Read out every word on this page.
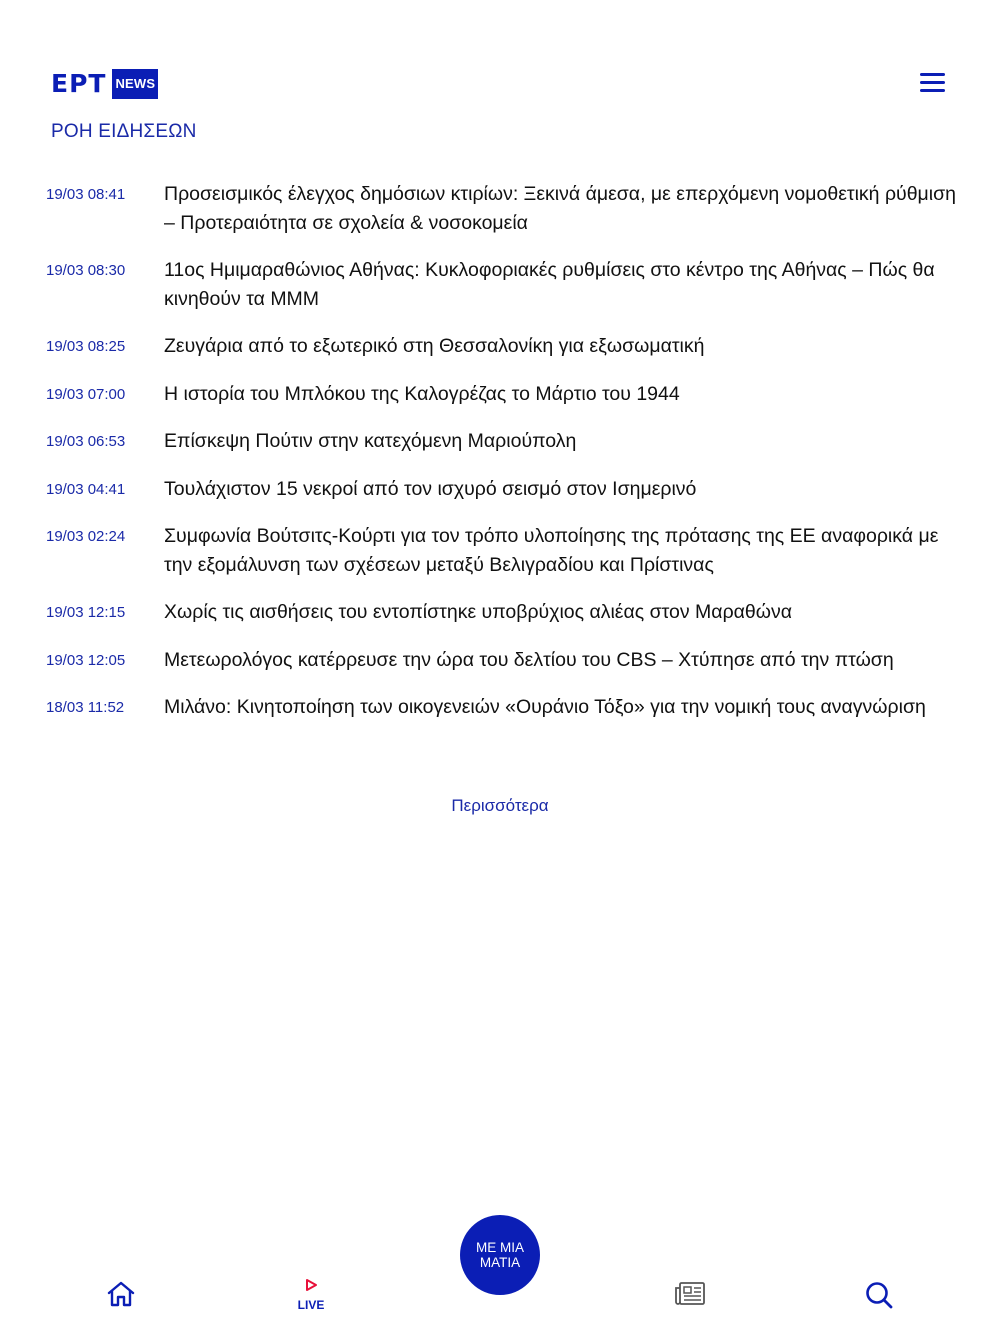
ΕΡΤ NEWS
ΡΟΗ ΕΙΔΗΣΕΩΝ
19/03 08:41 Προσεισμικός έλεγχος δημόσιων κτιρίων: Ξεκινά άμεσα, με επερχόμενη νομοθετική ρύθμιση – Προτεραιότητα σε σχολεία & νοσοκομεία
19/03 08:30 11ος Ημιμαραθώνιος Αθήνας: Κυκλοφοριακές ρυθμίσεις στο κέντρο της Αθήνας – Πώς θα κινηθούν τα ΜΜΜ
19/03 08:25 Ζευγάρια από το εξωτερικό στη Θεσσαλονίκη για εξωσωματική
19/03 07:00 Η ιστορία του Μπλόκου της Καλογρέζας το Μάρτιο του 1944
19/03 06:53 Επίσκεψη Πούτιν στην κατεχόμενη Μαριούπολη
19/03 04:41 Τουλάχιστον 15 νεκροί από τον ισχυρό σεισμό στον Ισημερινό
19/03 02:24 Συμφωνία Βούτσιτς-Κούρτι για τον τρόπο υλοποίησης της πρότασης της ΕΕ αναφορικά με την εξομάλυνση των σχέσεων μεταξύ Βελιγραδίου και Πρίστινας
19/03 12:15 Χωρίς τις αισθήσεις του εντοπίστηκε υποβρύχιος αλιέας στον Μαραθώνα
19/03 12:05 Μετεωρολόγος κατέρρευσε την ώρα του δελτίου του CBS – Χτύπησε από την πτώση
18/03 11:52 Μιλάνο: Κινητοποίηση των οικογενειών «Ουράνιο Τόξο» για την νομική τους αναγνώριση
Περισσότερα
LIVE
ΜΕ ΜΙΑ ΜΑΤΙΑ
